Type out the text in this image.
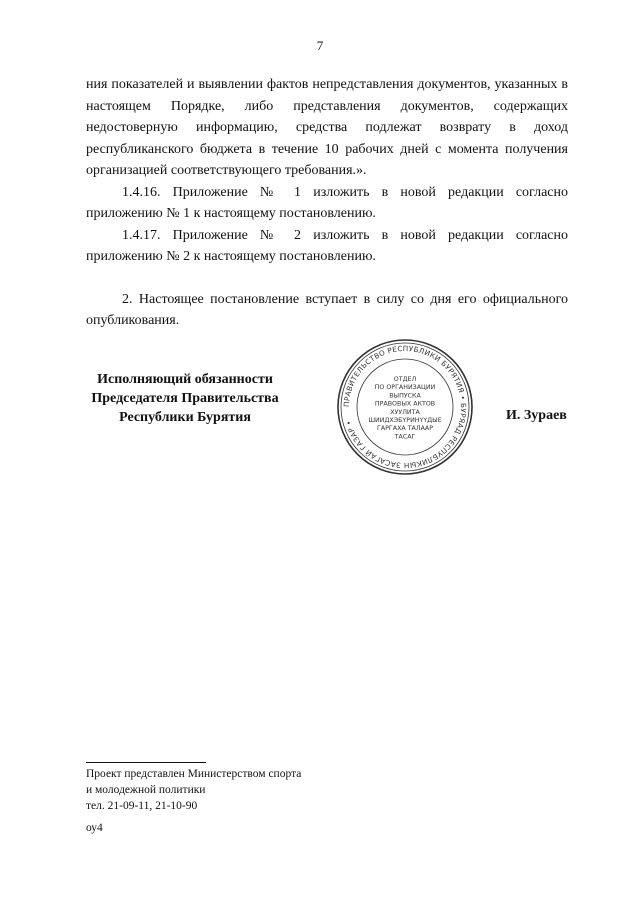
7

ния показателей и выявлении фактов непредставления документов, указанных в настоящем Порядке, либо представления документов, содержащих недостоверную информацию, средства подлежат возврату в доход республиканского бюджета в течение 10 рабочих дней с момента получения организацией соответствующего требования.».

1.4.16. Приложение № 1 изложить в новой редакции согласно приложению № 1 к настоящему постановлению.

1.4.17. Приложение № 2 изложить в новой редакции согласно приложению № 2 к настоящему постановлению.

2. Настоящее постановление вступает в силу со дня его официального опубликования.

Исполняющий обязанности
Председателя Правительства
Республики Бурятия
ПРАВИТЕЛЬСТВО РЕСПУБЛИКИ БУРЯТИЯ • БУРЯАД РЕСПУБЛИКЫН ЗАСАГАЙ ГАЗАР •
ОТДЕЛ
ПО ОРГАНИЗАЦИИ
ВЫПУСКА
ПРАВОВЫХ АКТОВ
ХУУЛИТА
ШИИДХЭБҮРИНҮҮДЫЕ
ГАРГАХА ТАЛААР
ТАСАГ
И. Зураев
Проект представлен Министерством спорта
и молодежной политики
тел. 21-09-11, 21-10-90
оу4
